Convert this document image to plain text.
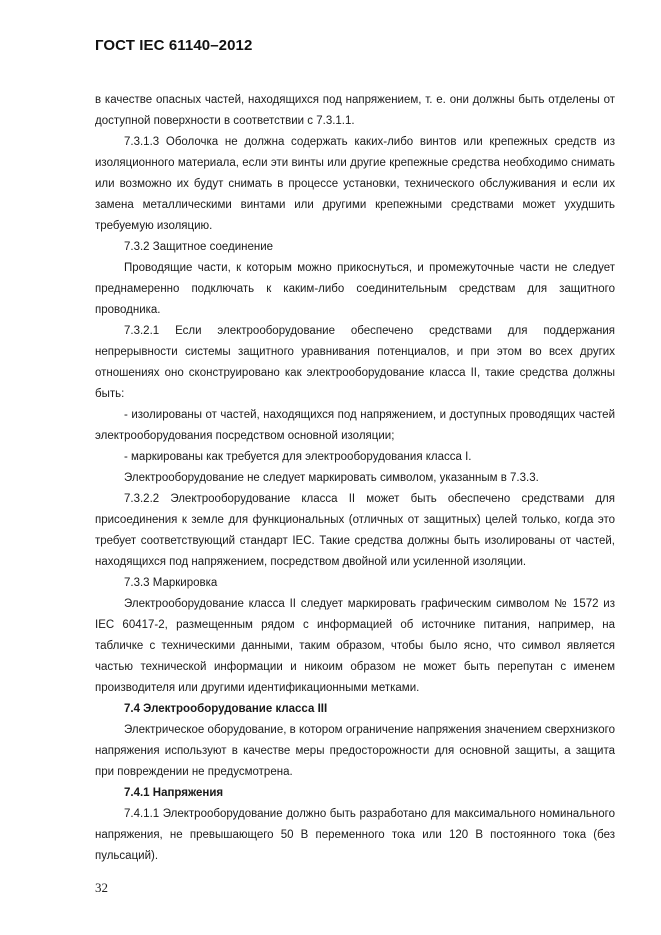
ГОСТ IEC 61140–2012

в качестве опасных частей, находящихся под напряжением, т. е. они должны быть отделены от доступной поверхности в соответствии с 7.3.1.1.

7.3.1.3 Оболочка не должна содержать каких-либо винтов или крепежных средств из изоляционного материала, если эти винты или другие крепежные средства необходимо снимать или возможно их будут снимать в процессе установки, технического обслуживания и если их замена металлическими винтами или другими крепежными средствами может ухудшить требуемую изоляцию.

7.3.2 Защитное соединение

Проводящие части, к которым можно прикоснуться, и промежуточные части не следует преднамеренно подключать к каким-либо соединительным средствам для защитного проводника.

7.3.2.1 Если электрооборудование обеспечено средствами для поддержания непрерывности системы защитного уравнивания потенциалов, и при этом во всех других отношениях оно сконструировано как электрооборудование класса II, такие средства должны быть:

- изолированы от частей, находящихся под напряжением, и доступных проводящих частей электрооборудования посредством основной изоляции;

- маркированы как требуется для электрооборудования класса I.

Электрооборудование не следует маркировать символом, указанным в 7.3.3.

7.3.2.2 Электрооборудование класса II может быть обеспечено средствами для присоединения к земле для функциональных (отличных от защитных) целей только, когда это требует соответствующий стандарт IEC. Такие средства должны быть изолированы от частей, находящихся под напряжением, посредством двойной или усиленной изоляции.

7.3.3 Маркировка

Электрооборудование класса II следует маркировать графическим символом № 1572 из IEC 60417-2, размещенным рядом с информацией об источнике питания, например, на табличке с техническими данными, таким образом, чтобы было ясно, что символ является частью технической информации и никоим образом не может быть перепутан с именем производителя или другими идентификационными метками.

7.4 Электрооборудование класса III

Электрическое оборудование, в котором ограничение напряжения значением сверхнизкого напряжения используют в качестве меры предосторожности для основной защиты, а защита при повреждении не предусмотрена.

7.4.1 Напряжения

7.4.1.1 Электрооборудование должно быть разработано для максимального номинального напряжения, не превышающего 50 В переменного тока или 120 В постоянного тока (без пульсаций).

32
